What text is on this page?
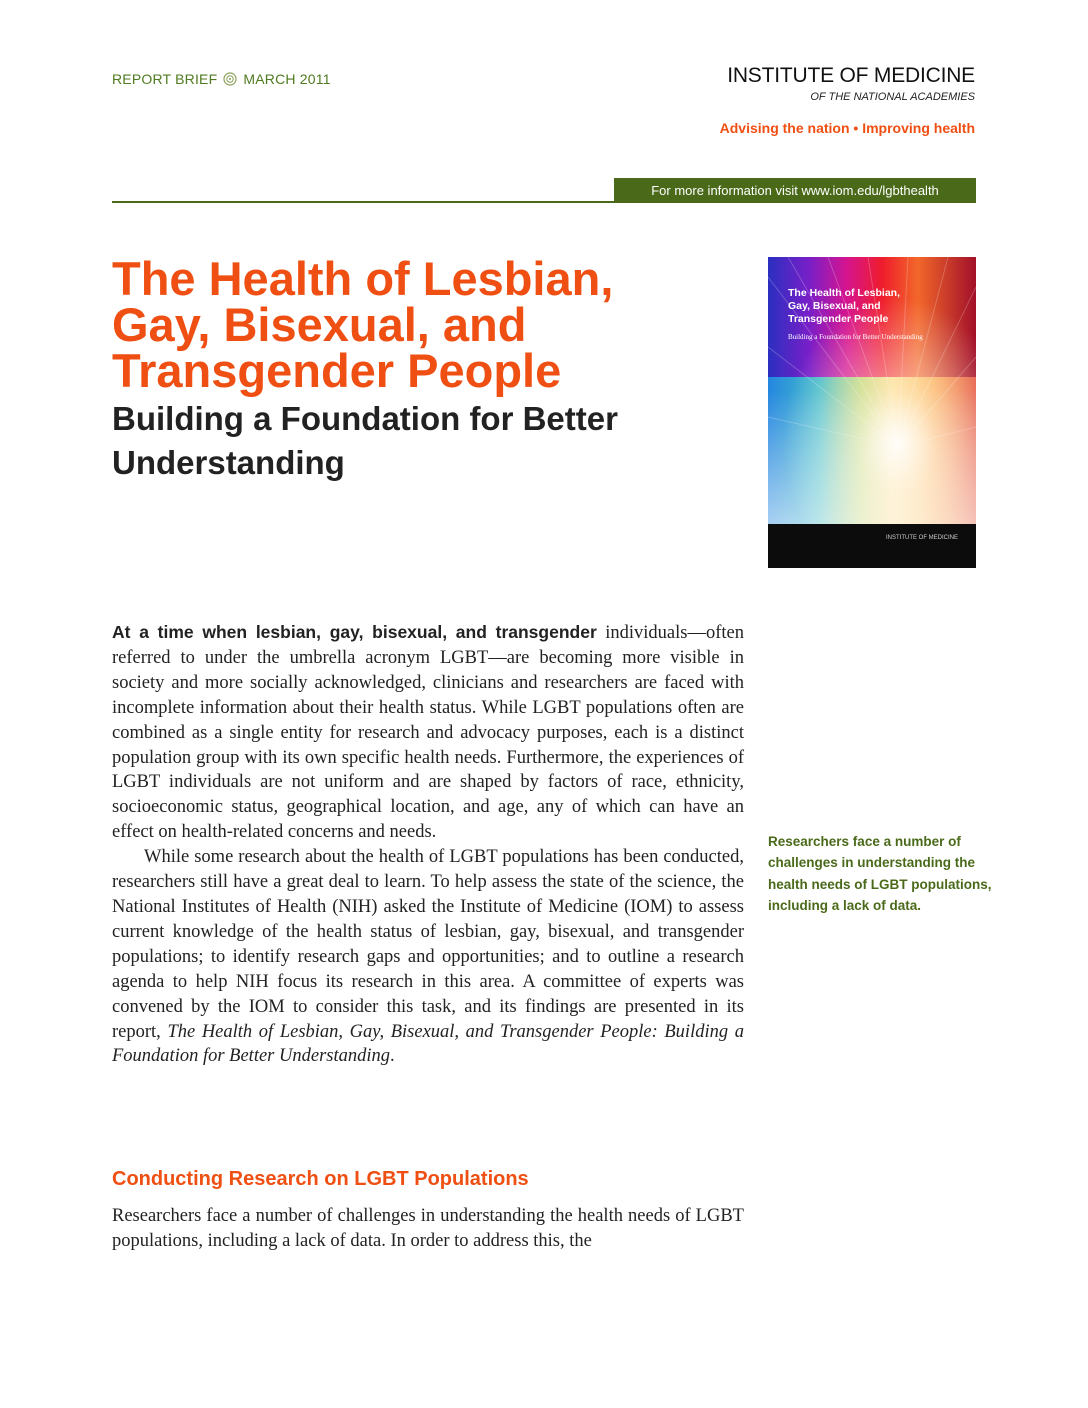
REPORT BRIEF MARCH 2011	INSTITUTE OF MEDICINE
OF THE NATIONAL ACADEMIES
Advising the nation • Improving health
For more information visit www.iom.edu/lgbthealth
The Health of Lesbian,
Gay, Bisexual, and
Transgender People
Building a Foundation for Better
Understanding
The Health of Lesbian,
Gay, Bisexual, and
Transgender People
Building a Foundation for Better Understanding
INSTITUTE OF MEDICINE

At a time when lesbian, gay, bisexual, and transgender individuals—often referred to under the umbrella acronym LGBT—are becoming more visible in society and more socially acknowledged, clinicians and researchers are faced with incomplete information about their health status. While LGBT populations often are combined as a single entity for research and advocacy purposes, each is a distinct population group with its own specific health needs. Furthermore, the experiences of LGBT individuals are not uniform and are shaped by factors of race, ethnicity, socioeconomic status, geographical location, and age, any of which can have an effect on health-related concerns and needs.

While some research about the health of LGBT populations has been conducted, researchers still have a great deal to learn. To help assess the state of the science, the National Institutes of Health (NIH) asked the Institute of Medicine (IOM) to assess current knowledge of the health status of lesbian, gay, bisexual, and transgender populations; to identify research gaps and opportunities; and to outline a research agenda to help NIH focus its research in this area. A committee of experts was convened by the IOM to consider this task, and its findings are presented in its report, The Health of Lesbian, Gay, Bisexual, and Transgender People: Building a Foundation for Better Understanding.

Conducting Research on LGBT Populations

Researchers face a number of challenges in understanding the health needs of LGBT populations, including a lack of data. In order to address this, the

Researchers face a number of
challenges in understanding the
health needs of LGBT populations,
including a lack of data.
